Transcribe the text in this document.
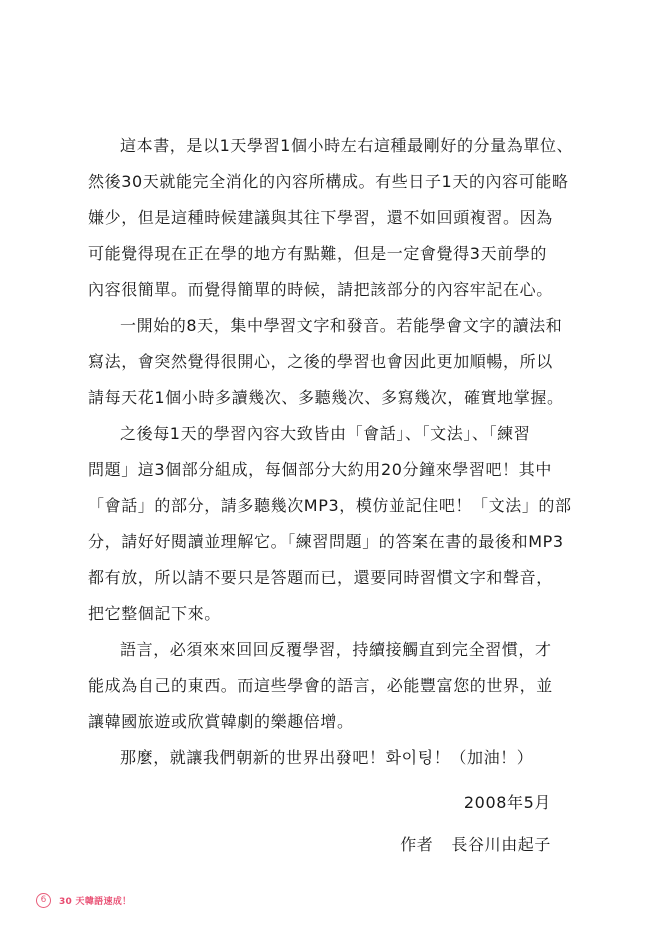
這本書，是以1天學習1個小時左右這種最剛好的分量為單位、
然後30天就能完全消化的內容所構成。有些日子1天的內容可能略
嫌少，但是這種時候建議與其往下學習，還不如回頭複習。因為
可能覺得現在正在學的地方有點難，但是一定會覺得3天前學的
內容很簡單。而覺得簡單的時候，請把該部分的內容牢記在心。
一開始的8天，集中學習文字和發音。若能學會文字的讀法和
寫法，會突然覺得很開心，之後的學習也會因此更加順暢，所以
請每天花1個小時多讀幾次、多聽幾次、多寫幾次，確實地掌握。
之後每1天的學習內容大致皆由「會話」、「文法」、「練習
問題」這3個部分組成，每個部分大約用20分鐘來學習吧！其中
「會話」的部分，請多聽幾次MP3，模仿並記住吧！「文法」的部
分，請好好閱讀並理解它。「練習問題」的答案在書的最後和MP3
都有放，所以請不要只是答題而已，還要同時習慣文字和聲音，
把它整個記下來。
語言，必須來來回回反覆學習，持續接觸直到完全習慣，才
能成為自己的東西。而這些學會的語言，必能豐富您的世界，並
讓韓國旅遊或欣賞韓劇的樂趣倍增。
那麼，就讓我們朝新的世界出發吧！화이팅！（加油！）
2008年5月
作者 長谷川由起子
6 30 天韓語速成！
